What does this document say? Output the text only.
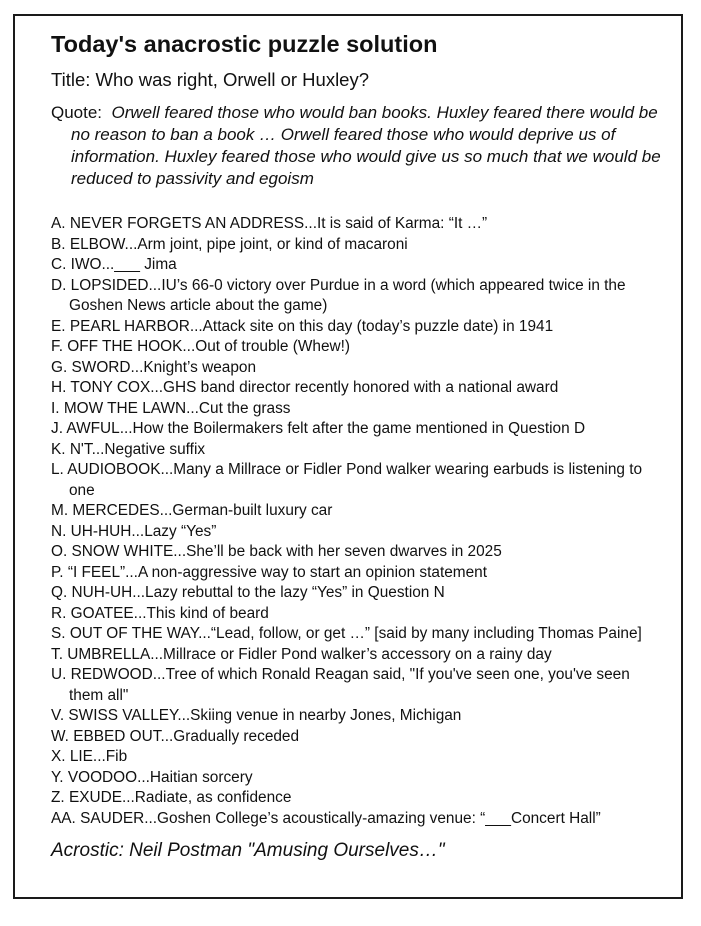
Today's anacrostic puzzle solution
Title: Who was right, Orwell or Huxley?
Quote: Orwell feared those who would ban books. Huxley feared there would be no reason to ban a book … Orwell feared those who would deprive us of information. Huxley feared those who would give us so much that we would be reduced to passivity and egoism
A. NEVER FORGETS AN ADDRESS...It is said of Karma: “It …”
B. ELBOW...Arm joint, pipe joint, or kind of macaroni
C. IWO...___ Jima
D. LOPSIDED...IU’s 66-0 victory over Purdue in a word (which appeared twice in the Goshen News article about the game)
E. PEARL HARBOR...Attack site on this day (today’s puzzle date) in 1941
F. OFF THE HOOK...Out of trouble (Whew!)
G. SWORD...Knight’s weapon
H. TONY COX...GHS band director recently honored with a national award
I. MOW THE LAWN...Cut the grass
J. AWFUL...How the Boilermakers felt after the game mentioned in Question D
K. N'T...Negative suffix
L. AUDIOBOOK...Many a Millrace or Fidler Pond walker wearing earbuds is listening to one
M. MERCEDES...German-built luxury car
N. UH-HUH...Lazy “Yes”
O. SNOW WHITE...She’ll be back with her seven dwarves in 2025
P. “I FEEL”...A non-aggressive way to start an opinion statement
Q. NUH-UH...Lazy rebuttal to the lazy “Yes” in Question N
R. GOATEE...This kind of beard
S. OUT OF THE WAY...“Lead, follow, or get …” [said by many including Thomas Paine]
T. UMBRELLA...Millrace or Fidler Pond walker’s accessory on a rainy day
U. REDWOOD...Tree of which Ronald Reagan said, "If you've seen one, you've seen them all"
V. SWISS VALLEY...Skiing venue in nearby Jones, Michigan
W. EBBED OUT...Gradually receded
X. LIE...Fib
Y. VOODOO...Haitian sorcery
Z. EXUDE...Radiate, as confidence
AA. SAUDER...Goshen College’s acoustically-amazing venue: “___Concert Hall”
Acrostic: Neil Postman "Amusing Ourselves…"
